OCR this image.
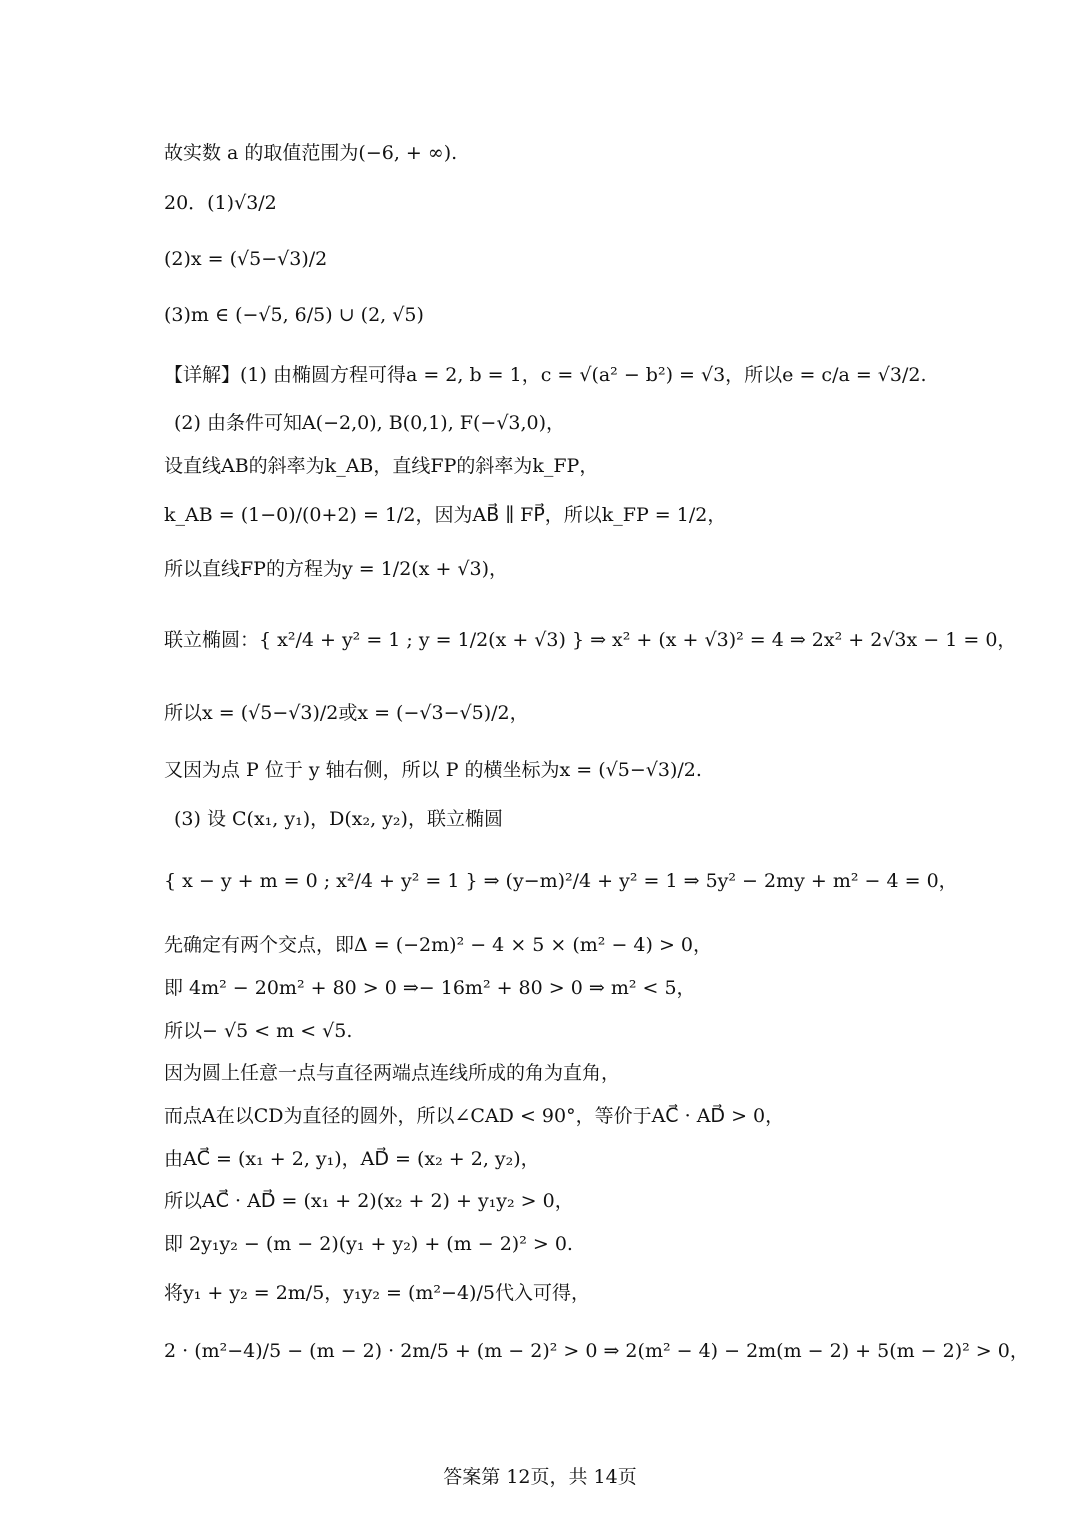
故实数 a 的取值范围为(−6, + ∞).
20．(1)√3/2
(2)x = (√5−√3)/2
(3)m ∈ (−√5, 6/5) ∪ (2, √5)
【详解】(1) 由椭圆方程可得a = 2, b = 1，c = √(a² − b²) = √3，所以e = c/a = √3/2.
(2) 由条件可知A(−2,0), B(0,1), F(−√3,0)，
设直线AB的斜率为k_AB，直线FP的斜率为k_FP，
k_AB = (1−0)/(0+2) = 1/2，因为AB⃗ ∥ FP⃗，所以k_FP = 1/2，
所以直线FP的方程为y = 1/2(x + √3)，
联立椭圆：{ x²/4 + y² = 1 ; y = 1/2(x + √3) } ⇒ x² + (x + √3)² = 4 ⇒ 2x² + 2√3x − 1 = 0，
所以x = (√5−√3)/2或x = (−√3−√5)/2，
又因为点 P 位于 y 轴右侧，所以 P 的横坐标为x = (√5−√3)/2.
(3) 设 C(x₁, y₁)，D(x₂, y₂)，联立椭圆
{ x − y + m = 0 ; x²/4 + y² = 1 } ⇒ (y−m)²/4 + y² = 1 ⇒ 5y² − 2my + m² − 4 = 0，
先确定有两个交点，即Δ = (−2m)² − 4 × 5 × (m² − 4) > 0，
即 4m² − 20m² + 80 > 0 ⇒− 16m² + 80 > 0 ⇒ m² < 5，
所以− √5 < m < √5.
因为圆上任意一点与直径两端点连线所成的角为直角，
而点A在以CD为直径的圆外，所以∠CAD < 90°，等价于AC⃗ · AD⃗ > 0，
由AC⃗ = (x₁ + 2, y₁)，AD⃗ = (x₂ + 2, y₂)，
所以AC⃗ · AD⃗ = (x₁ + 2)(x₂ + 2) + y₁y₂ > 0，
即 2y₁y₂ − (m − 2)(y₁ + y₂) + (m − 2)² > 0.
将y₁ + y₂ = 2m/5，y₁y₂ = (m²−4)/5代入可得，
2 · (m²−4)/5 − (m − 2) · 2m/5 + (m − 2)² > 0 ⇒ 2(m² − 4) − 2m(m − 2) + 5(m − 2)² > 0，
答案第 12页，共 14页
